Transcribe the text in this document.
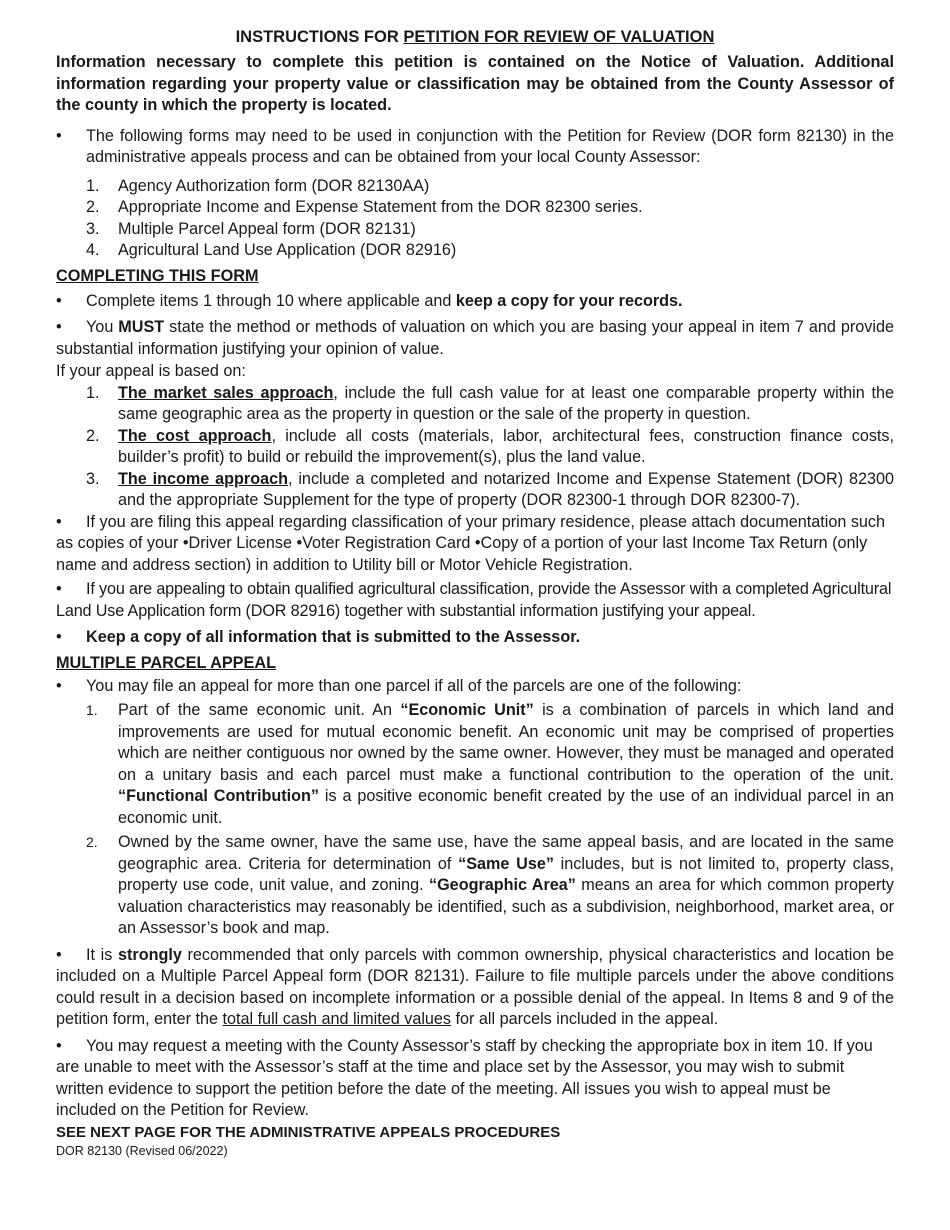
INSTRUCTIONS FOR PETITION FOR REVIEW OF VALUATION

Information necessary to complete this petition is contained on the Notice of Valuation. Additional information regarding your property value or classification may be obtained from the County Assessor of the county in which the property is located.

• The following forms may need to be used in conjunction with the Petition for Review (DOR form 82130) in the administrative appeals process and can be obtained from your local County Assessor:
1. Agency Authorization form (DOR 82130AA)
2. Appropriate Income and Expense Statement from the DOR 82300 series.
3. Multiple Parcel Appeal form (DOR 82131)
4. Agricultural Land Use Application (DOR 82916)

COMPLETING THIS FORM

• Complete items 1 through 10 where applicable and keep a copy for your records.

• You MUST state the method or methods of valuation on which you are basing your appeal in item 7 and provide substantial information justifying your opinion of value.

If your appeal is based on:

1. The market sales approach, include the full cash value for at least one comparable property within the same geographic area as the property in question or the sale of the property in question.
2. The cost approach, include all costs (materials, labor, architectural fees, construction finance costs, builder’s profit) to build or rebuild the improvement(s), plus the land value.
3. The income approach, include a completed and notarized Income and Expense Statement (DOR) 82300 and the appropriate Supplement for the type of property (DOR 82300-1 through DOR 82300-7).

• If you are filing this appeal regarding classification of your primary residence, please attach documentation such as copies of your •Driver License •Voter Registration Card •Copy of a portion of your last Income Tax Return (only name and address section) in addition to Utility bill or Motor Vehicle Registration.

• If you are appealing to obtain qualified agricultural classification, provide the Assessor with a completed Agricultural Land Use Application form (DOR 82916) together with substantial information justifying your appeal.

• Keep a copy of all information that is submitted to the Assessor.

MULTIPLE PARCEL APPEAL

• You may file an appeal for more than one parcel if all of the parcels are one of the following:
1. Part of the same economic unit. An “Economic Unit” is a combination of parcels in which land and improvements are used for mutual economic benefit. An economic unit may be comprised of properties which are neither contiguous nor owned by the same owner. However, they must be managed and operated on a unitary basis and each parcel must make a functional contribution to the operation of the unit. “Functional Contribution” is a positive economic benefit created by the use of an individual parcel in an economic unit.
2. Owned by the same owner, have the same use, have the same appeal basis, and are located in the same geographic area. Criteria for determination of “Same Use” includes, but is not limited to, property class, property use code, unit value, and zoning. “Geographic Area” means an area for which common property valuation characteristics may reasonably be identified, such as a subdivision, neighborhood, market area, or an Assessor’s book and map.

• It is strongly recommended that only parcels with common ownership, physical characteristics and location be included on a Multiple Parcel Appeal form (DOR 82131). Failure to file multiple parcels under the above conditions could result in a decision based on incomplete information or a possible denial of the appeal. In Items 8 and 9 of the petition form, enter the total full cash and limited values for all parcels included in the appeal.

• You may request a meeting with the County Assessor’s staff by checking the appropriate box in item 10. If you are unable to meet with the Assessor’s staff at the time and place set by the Assessor, you may wish to submit written evidence to support the petition before the date of the meeting. All issues you wish to appeal must be included on the Petition for Review.

SEE NEXT PAGE FOR THE ADMINISTRATIVE APPEALS PROCEDURES

DOR 82130 (Revised 06/2022)
